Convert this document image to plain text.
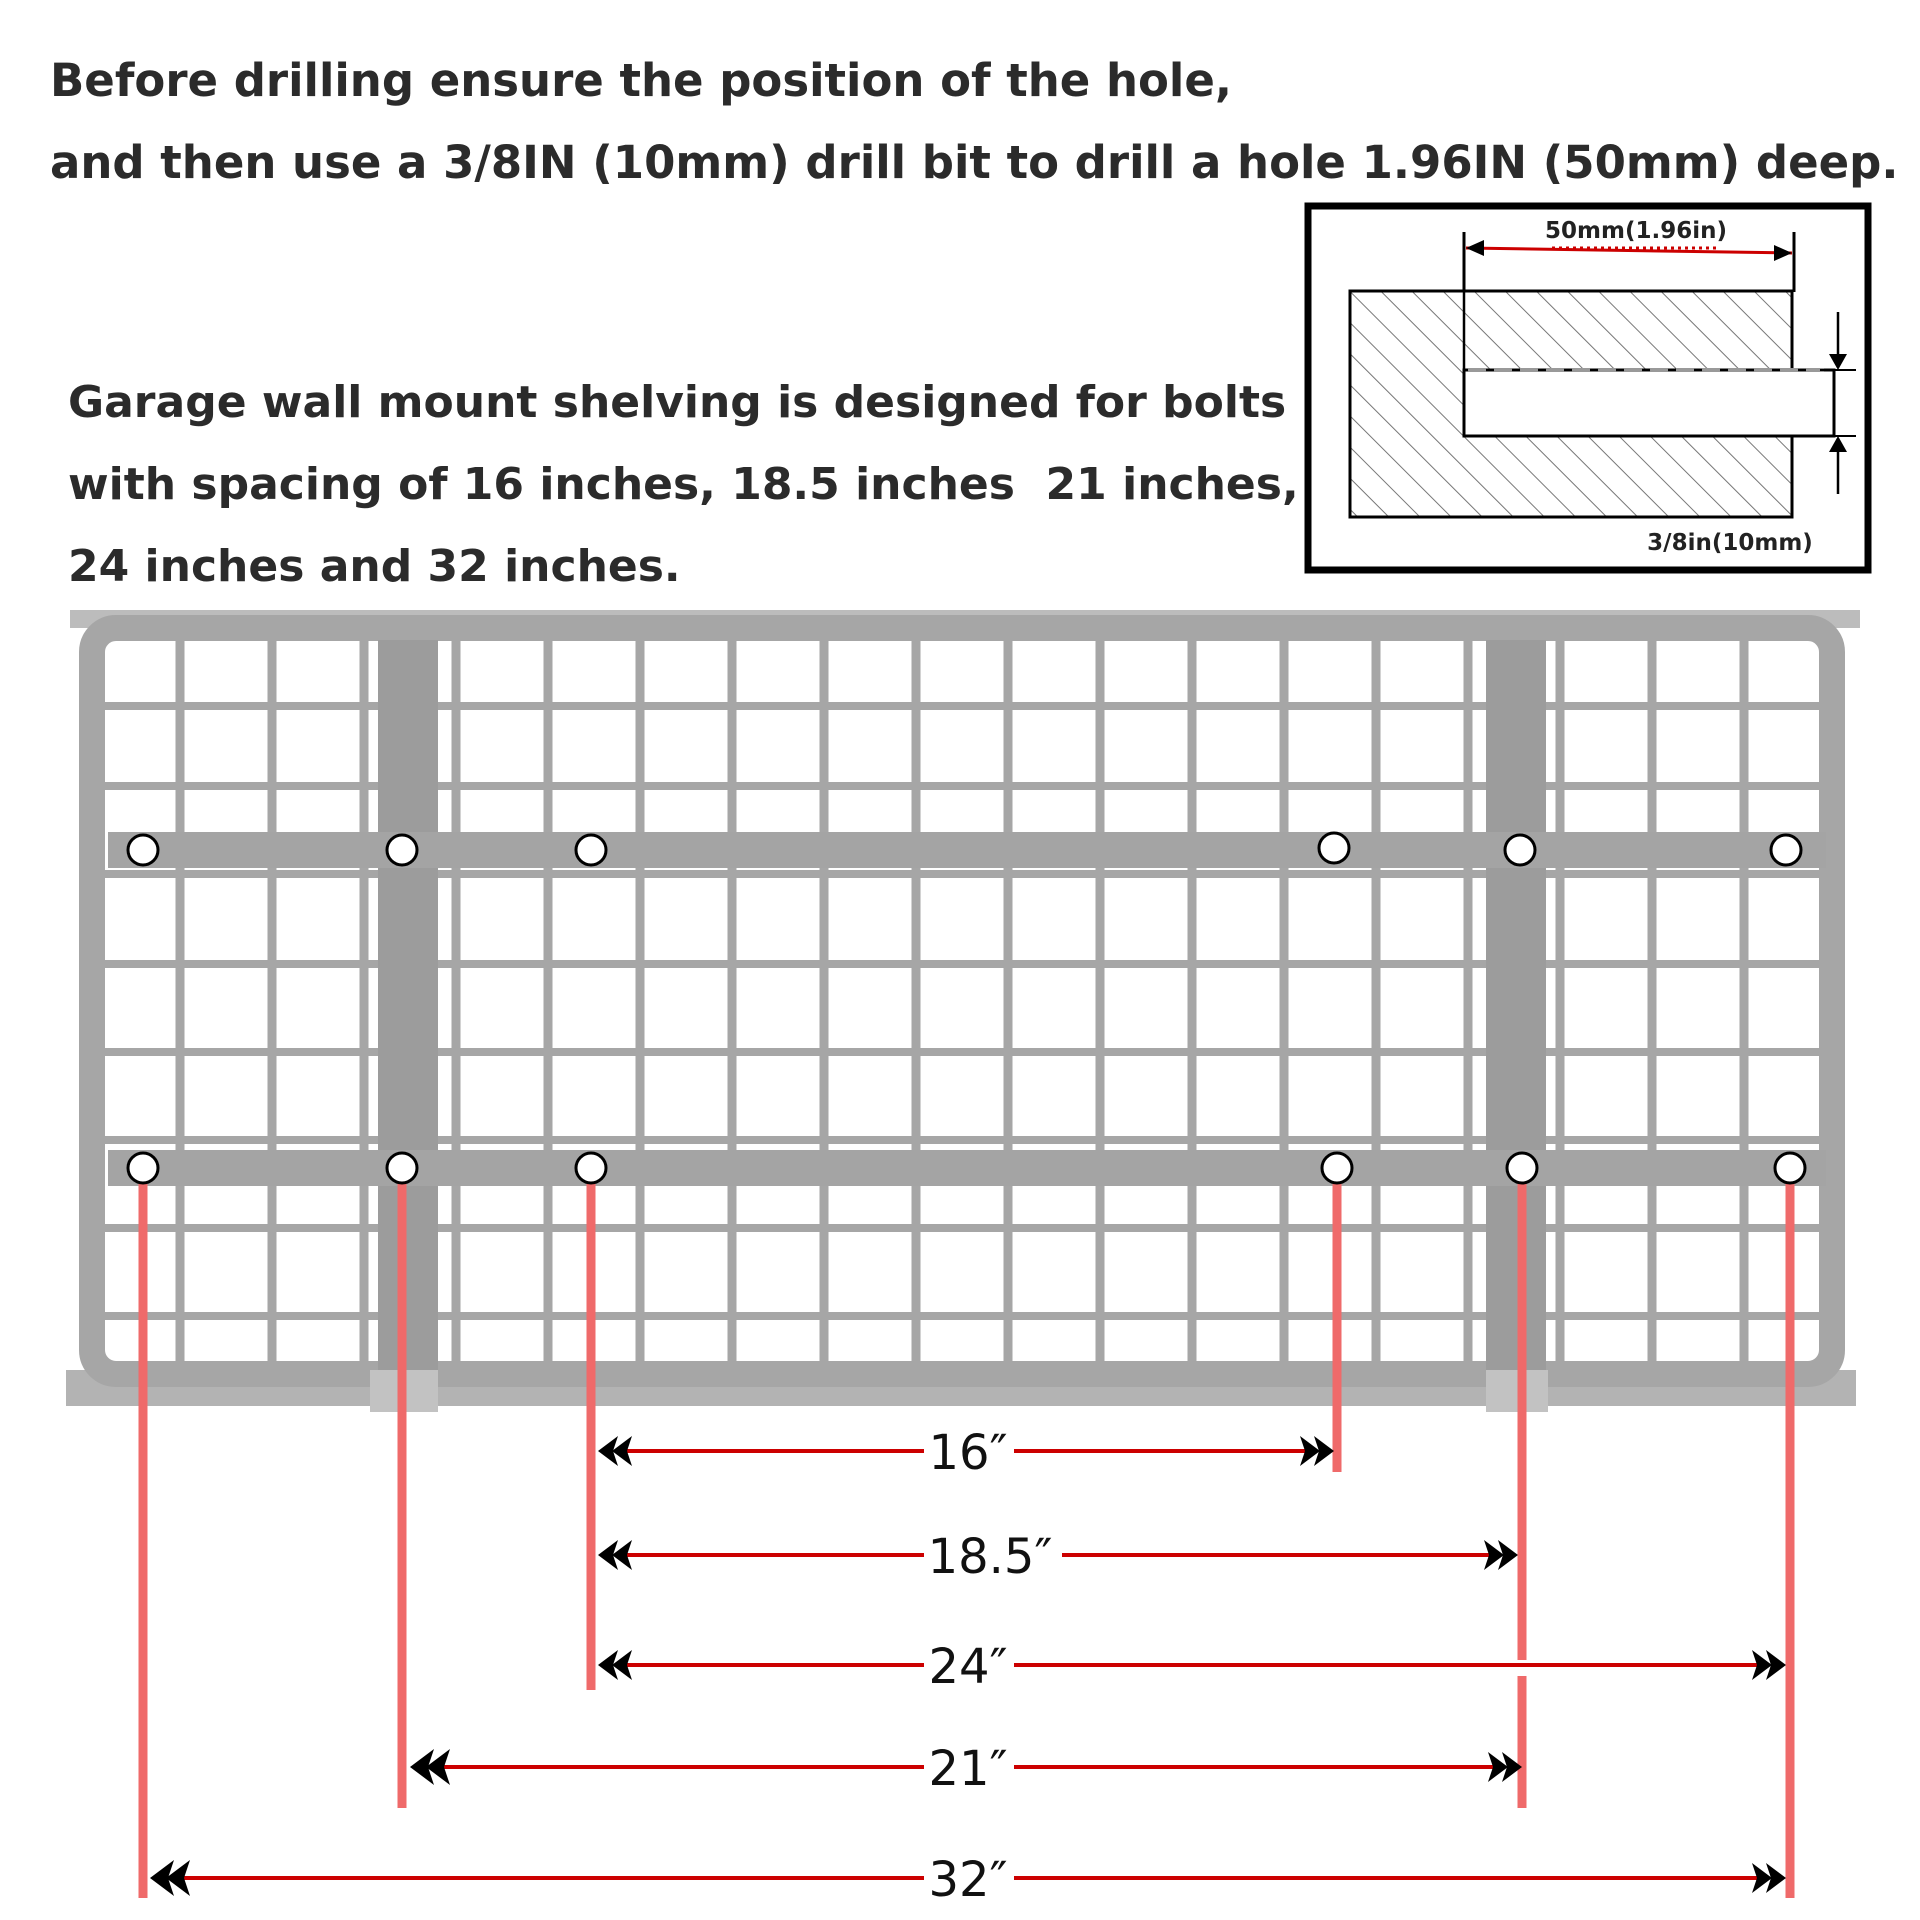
Before drilling ensure the position of the hole,
and then use a 3/8IN (10mm) drill bit to drill a hole 1.96IN (50mm) deep.

Garage wall mount shelving is designed for bolts
with spacing of 16 inches, 18.5 inches  21 inches,
24 inches and 32 inches.

50mm(1.96in)
3/8in(10mm)
16″
18.5″
24″
21″
32″
